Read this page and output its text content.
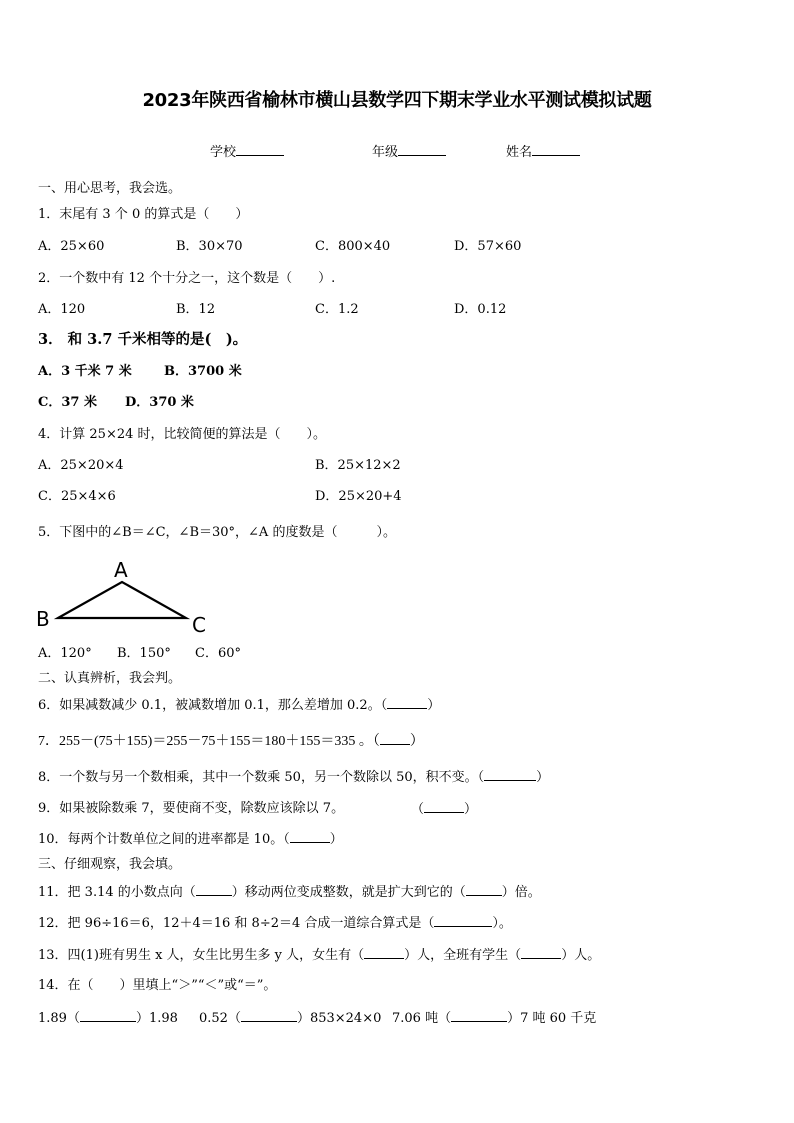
2023年陕西省榆林市横山县数学四下期末学业水平测试模拟试题
学校	年级	姓名
一、用心思考，我会选。
1．末尾有 3 个 0 的算式是（　　）
A．25×60	B．30×70	C．800×40	D．57×60
2．一个数中有 12 个十分之一，这个数是（　　）.
A．120	B．12	C．1.2	D．0.12
3． 和 3.7 千米相等的是(　)。
A．3 千米 7 米 B．3700 米
C．37 米 D．370 米
4．计算 25×24 时，比较简便的算法是（　　）。
A．25×20×4	B．25×12×2
C．25×4×6	D．25×20+4
5．下图中的∠B＝∠C，∠B＝30°，∠A 的度数是（　　　）。
A
B	C
A．120° B．150° C．60°
二、认真辨析，我会判。
6．如果减数减少 0.1，被减数增加 0.1，那么差增加 0.2。（	）
7．255－(75＋155)＝255－75＋155＝180＋155＝335 。（ ）
8．一个数与另一个数相乘，其中一个数乘 50，另一个数除以 50，积不变。（	）
9．如果被除数乘 7，要使商不变，除数应该除以 7。	（	）
10．每两个计数单位之间的进率都是 10。（	）
三、仔细观察，我会填。
11．把 3.14 的小数点向（	）移动两位变成整数，就是扩大到它的（	）倍。
12．把 96÷16＝6，12＋4＝16 和 8÷2＝4 合成一道综合算式是（	）。
13．四(1)班有男生 x 人，女生比男生多 y 人，女生有（	）人，全班有学生（	）人。
14．在（　　）里填上“＞”“＜”或“＝”。
1.89（	）1.98 0.52（	）853×24×0 7.06 吨（	）7 吨 60 千克
